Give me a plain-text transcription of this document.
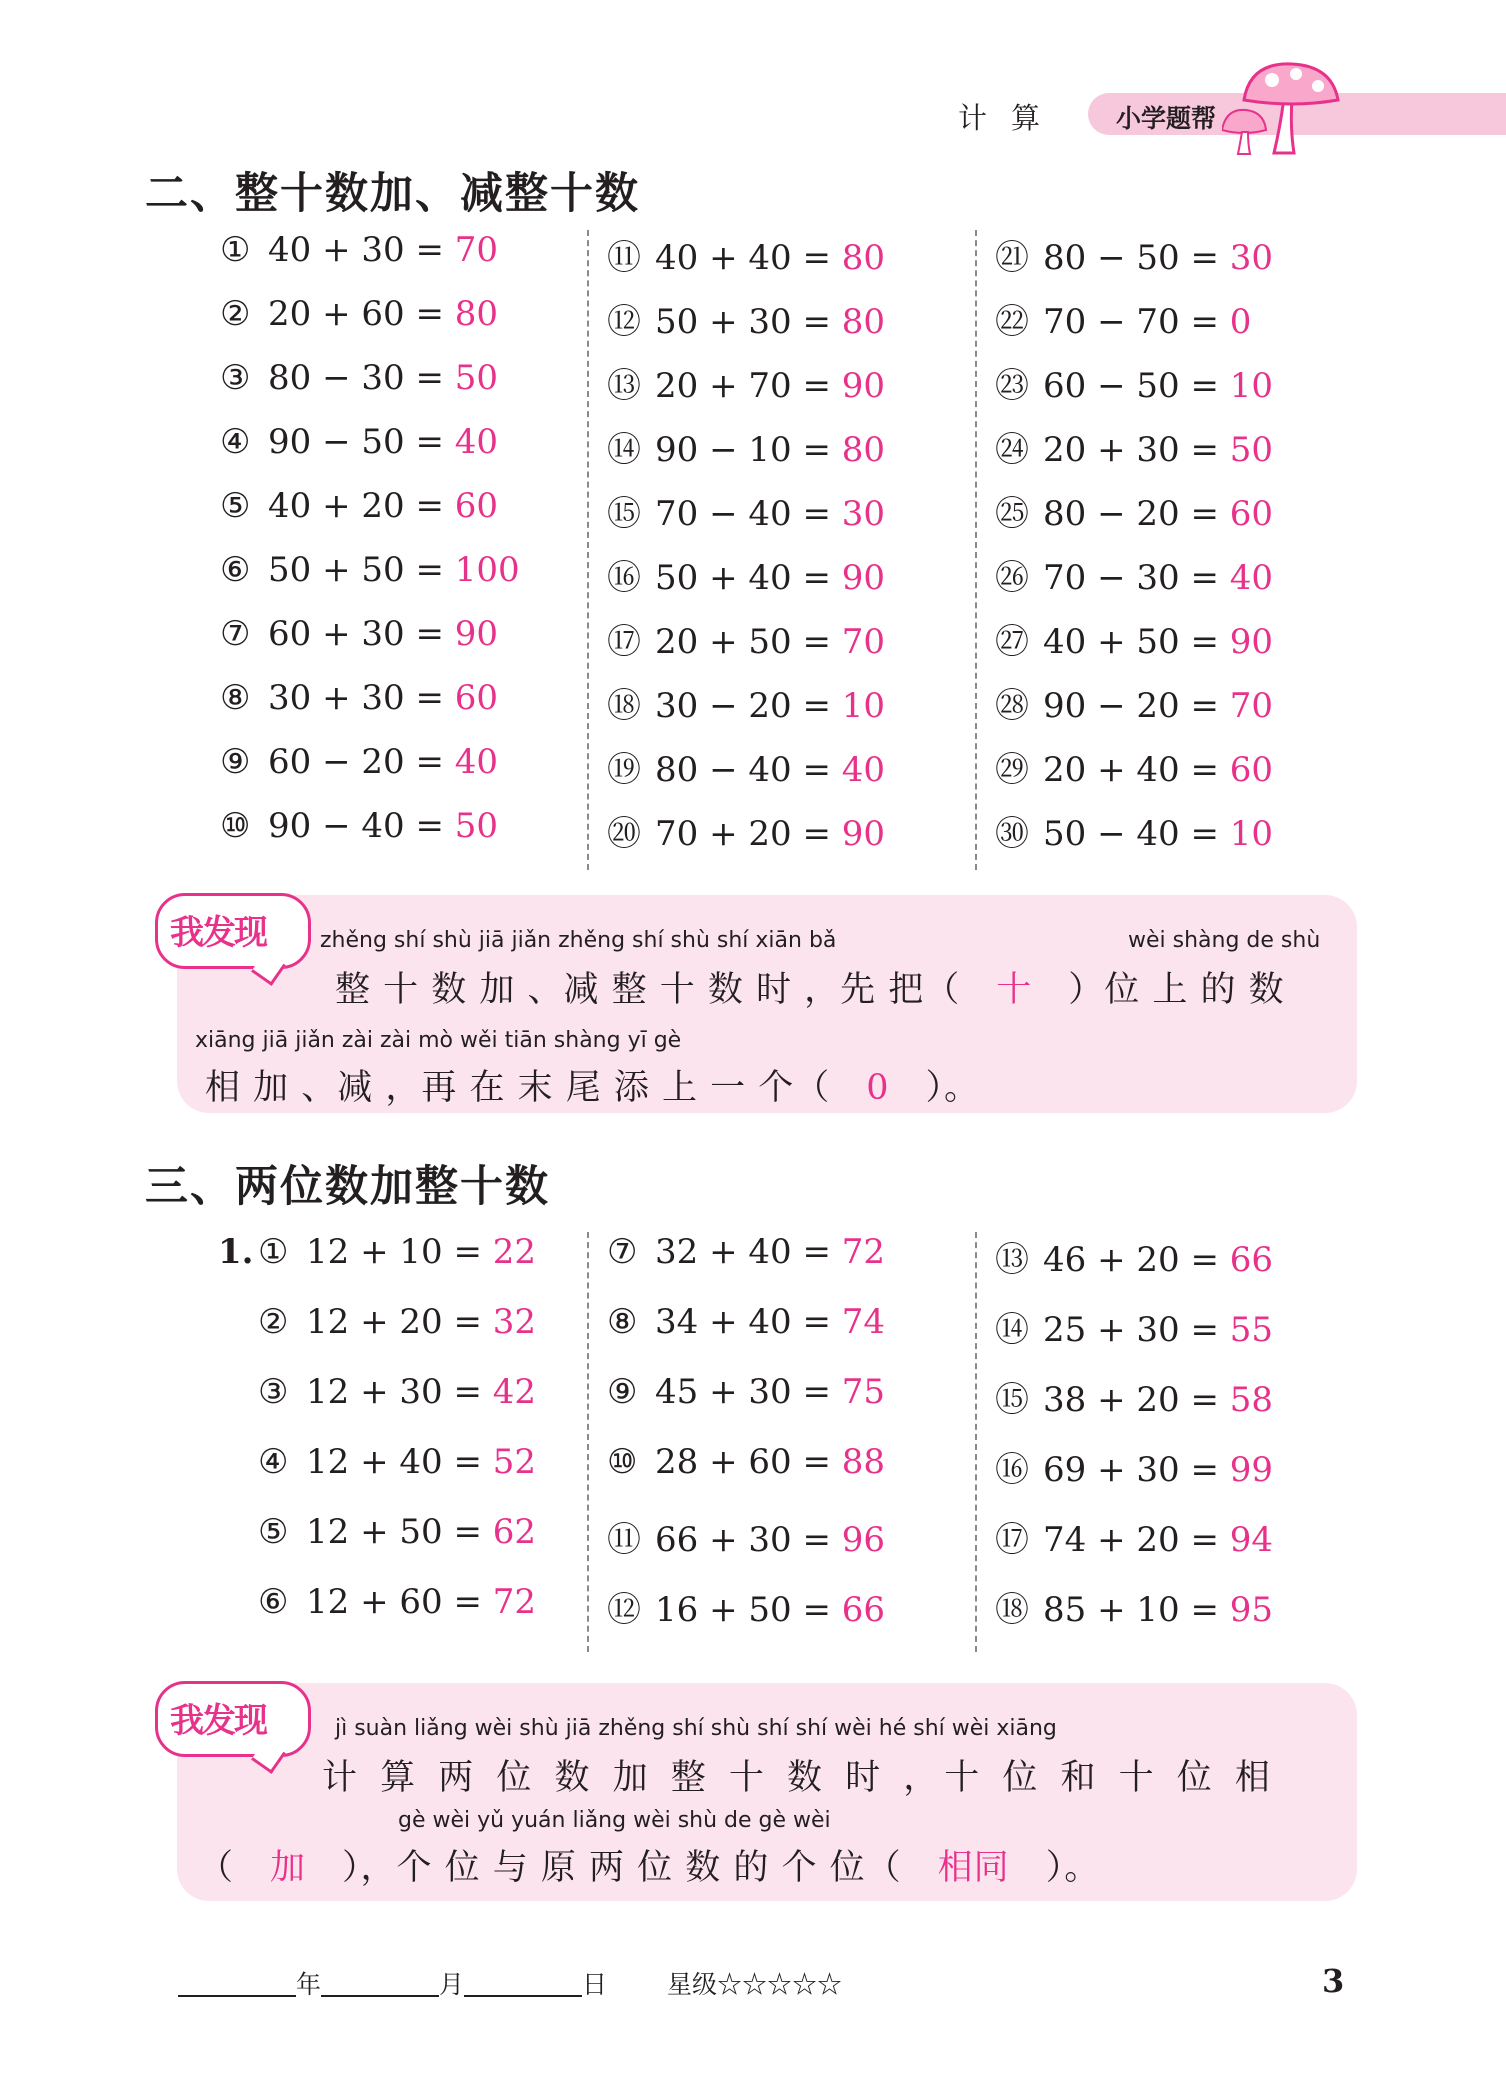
计 算	小学题帮
二、整十数加、减整十数
① 40 + 30 = 70
② 20 + 60 = 80
③ 80 − 30 = 50
④ 90 − 50 = 40
⑤ 40 + 20 = 60
⑥ 50 + 50 = 100
⑦ 60 + 30 = 90
⑧ 30 + 30 = 60
⑨ 60 − 20 = 40
⑩ 90 − 40 = 50
⑪ 40 + 40 = 80
⑫ 50 + 30 = 80
⑬ 20 + 70 = 90
⑭ 90 − 10 = 80
⑮ 70 − 40 = 30
⑯ 50 + 40 = 90
⑰ 20 + 50 = 70
⑱ 30 − 20 = 10
⑲ 80 − 40 = 40
⑳ 70 + 20 = 90
㉑ 80 − 50 = 30
㉒ 70 − 70 = 0
㉓ 60 − 50 = 10
㉔ 20 + 30 = 50
㉕ 80 − 20 = 60
㉖ 70 − 30 = 40
㉗ 40 + 50 = 90
㉘ 90 − 20 = 70
㉙ 20 + 40 = 60
㉚ 50 − 40 = 10
我发现 zhěng shí shù jiā jiǎn zhěng shí shù shí xiān bǎ	wèi shàng de shù
整 十 数 加 、减 整 十 数 时 ，先 把（ 十 ）位 上 的 数
xiāng jiā jiǎn zài zài mò wěi tiān shàng yī gè
相 加 、减 ，再 在 末 尾 添 上 一 个（ 0 ）。
三、两位数加整十数
1. ① 12 + 10 = 22
② 12 + 20 = 32
③ 12 + 30 = 42
④ 12 + 40 = 52
⑤ 12 + 50 = 62
⑥ 12 + 60 = 72
⑦ 32 + 40 = 72
⑧ 34 + 40 = 74
⑨ 45 + 30 = 75
⑩ 28 + 60 = 88
⑪ 66 + 30 = 96
⑫ 16 + 50 = 66
⑬ 46 + 20 = 66
⑭ 25 + 30 = 55
⑮ 38 + 20 = 58
⑯ 69 + 30 = 99
⑰ 74 + 20 = 94
⑱ 85 + 10 = 95
我发现	jì suàn liǎng wèi shù jiā zhěng shí shù shí shí wèi hé shí wèi xiāng
计 算 两 位 数 加 整 十 数 时 ，十 位 和 十 位 相
gè wèi yǔ yuán liǎng wèi shù de gè wèi
（ 加 ），个 位 与 原 两 位 数 的 个 位（ 相同 ）。
年	月	日 星级☆☆☆☆☆	3
